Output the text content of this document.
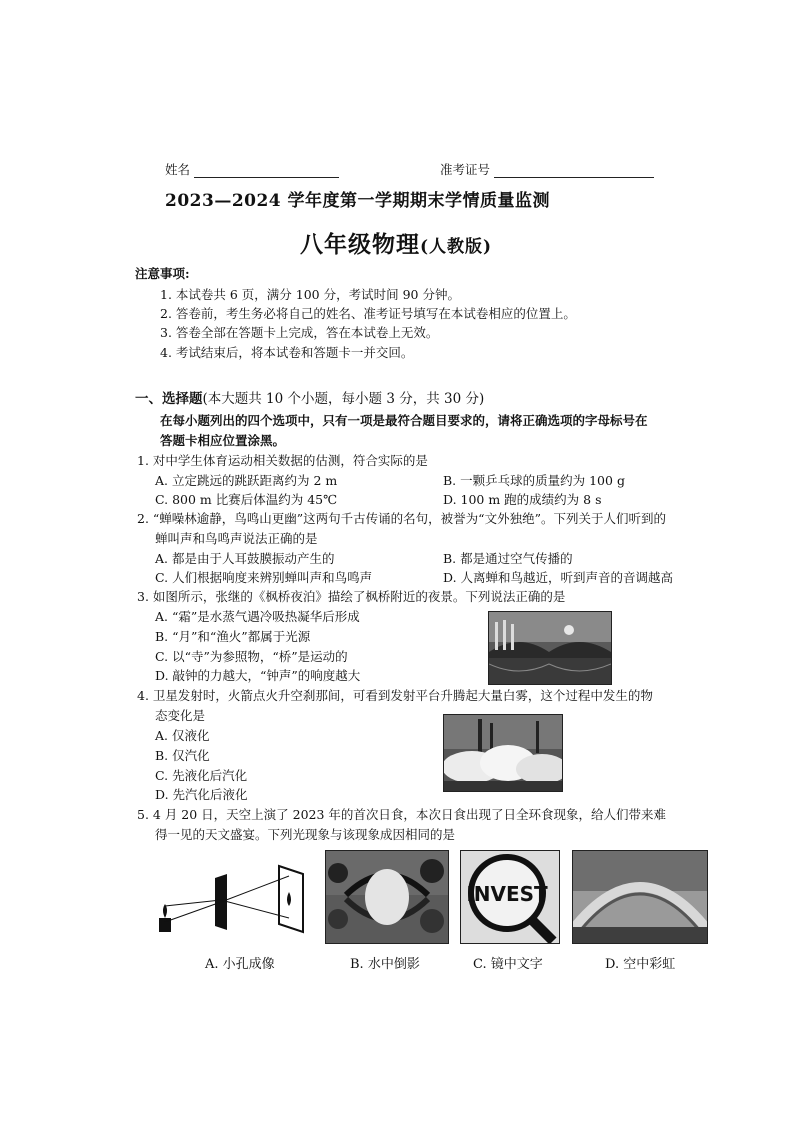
姓名	准考证号
2023—2024 学年度第一学期期末学情质量监测
八年级物理(人教版)
注意事项:
1. 本试卷共 6 页，满分 100 分，考试时间 90 分钟。
2. 答卷前，考生务必将自己的姓名、准考证号填写在本试卷相应的位置上。
3. 答卷全部在答题卡上完成，答在本试卷上无效。
4. 考试结束后，将本试卷和答题卡一并交回。
一、选择题(本大题共 10 个小题，每小题 3 分，共 30 分)
在每小题列出的四个选项中，只有一项是最符合题目要求的，请将正确选项的字母标号在
答题卡相应位置涂黑。
1. 对中学生体育运动相关数据的估测，符合实际的是
A. 立定跳远的跳跃距离约为 2 m	B. 一颗乒乓球的质量约为 100 g
C. 800 m 比赛后体温约为 45℃	D. 100 m 跑的成绩约为 8 s
2. “蝉噪林逾静，鸟鸣山更幽”这两句千古传诵的名句，被誉为“文外独绝”。下列关于人们听到的
蝉叫声和鸟鸣声说法正确的是
A. 都是由于人耳鼓膜振动产生的	B. 都是通过空气传播的
C. 人们根据响度来辨别蝉叫声和鸟鸣声	D. 人离蝉和鸟越近，听到声音的音调越高
3. 如图所示，张继的《枫桥夜泊》描绘了枫桥附近的夜景。下列说法正确的是
A. “霜”是水蒸气遇冷吸热凝华后形成
B. “月”和“渔火”都属于光源
C. 以“寺”为参照物，“桥”是运动的
D. 敲钟的力越大，“钟声”的响度越大
4. 卫星发射时，火箭点火升空刹那间，可看到发射平台升腾起大量白雾，这个过程中发生的物
态变化是
A. 仅液化
B. 仅汽化
C. 先液化后汽化
D. 先汽化后液化
5. 4 月 20 日，天空上演了 2023 年的首次日食，本次日食出现了日全环食现象，给人们带来难
得一见的天文盛宴。下列光现象与该现象成因相同的是
INVEST
A. 小孔成像	B. 水中倒影	C. 镜中文字	D. 空中彩虹
